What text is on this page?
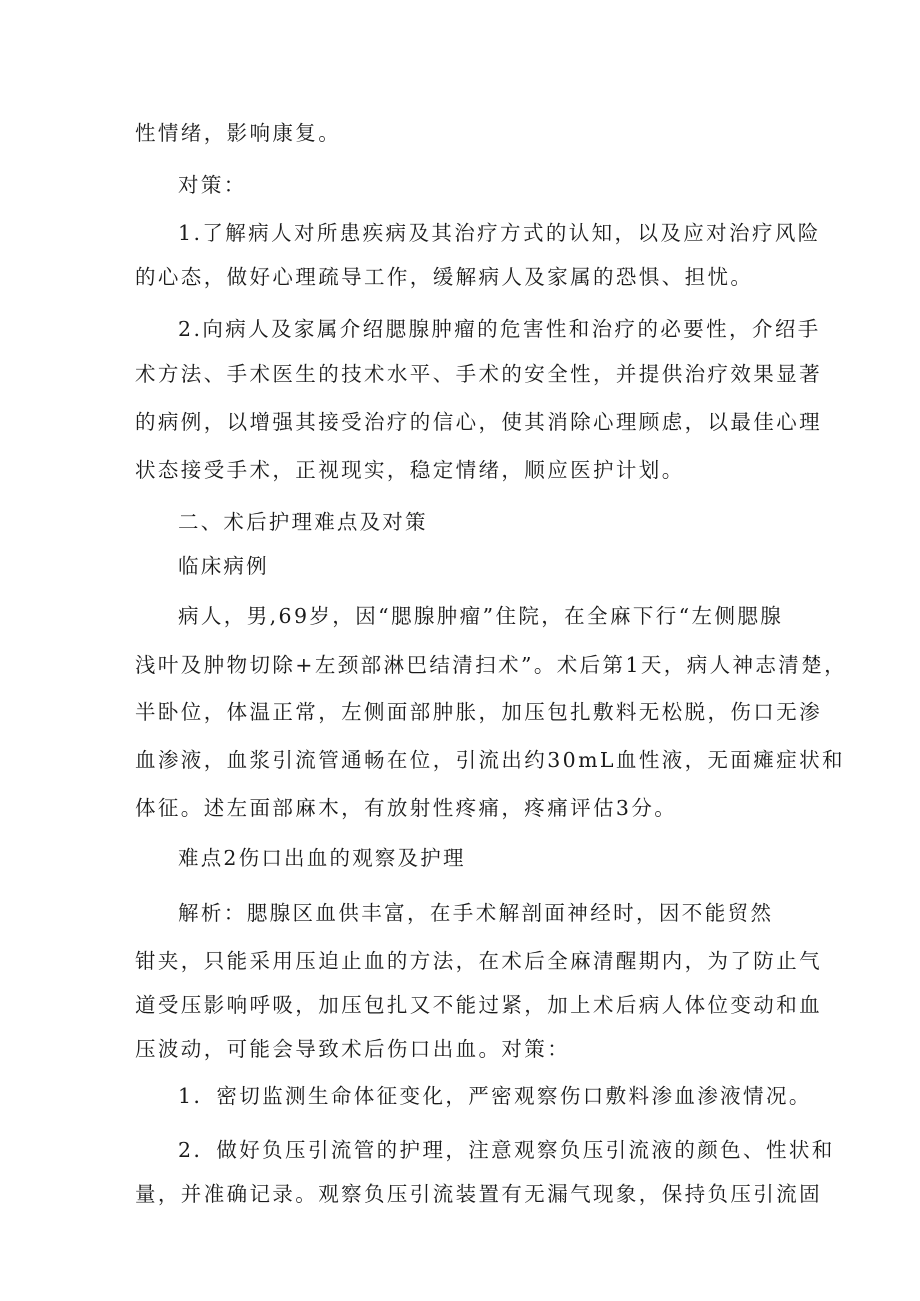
性情绪，影响康复。
对策：
1.了解病人对所患疾病及其治疗方式的认知，以及应对治疗风险
的心态，做好心理疏导工作，缓解病人及家属的恐惧、担忧。
2.向病人及家属介绍腮腺肿瘤的危害性和治疗的必要性，介绍手
术方法、手术医生的技术水平、手术的安全性，并提供治疗效果显著
的病例，以增强其接受治疗的信心，使其消除心理顾虑，以最佳心理
状态接受手术，正视现实，稳定情绪，顺应医护计划。
二、术后护理难点及对策
临床病例
病人，男,69岁，因“腮腺肿瘤”住院，在全麻下行“左侧腮腺
浅叶及肿物切除+左颈部淋巴结清扫术”。术后第1天，病人神志清楚，
半卧位，体温正常，左侧面部肿胀，加压包扎敷料无松脱，伤口无渗
血渗液，血浆引流管通畅在位，引流出约30mL血性液，无面瘫症状和
体征。述左面部麻木，有放射性疼痛，疼痛评估3分。
难点2伤口出血的观察及护理
解析：腮腺区血供丰富，在手术解剖面神经时，因不能贸然
钳夹，只能采用压迫止血的方法，在术后全麻清醒期内，为了防止气
道受压影响呼吸，加压包扎又不能过紧，加上术后病人体位变动和血
压波动，可能会导致术后伤口出血。对策：
1．密切监测生命体征变化，严密观察伤口敷料渗血渗液情况。
2．做好负压引流管的护理，注意观察负压引流液的颜色、性状和
量，并准确记录。观察负压引流装置有无漏气现象，保持负压引流固
